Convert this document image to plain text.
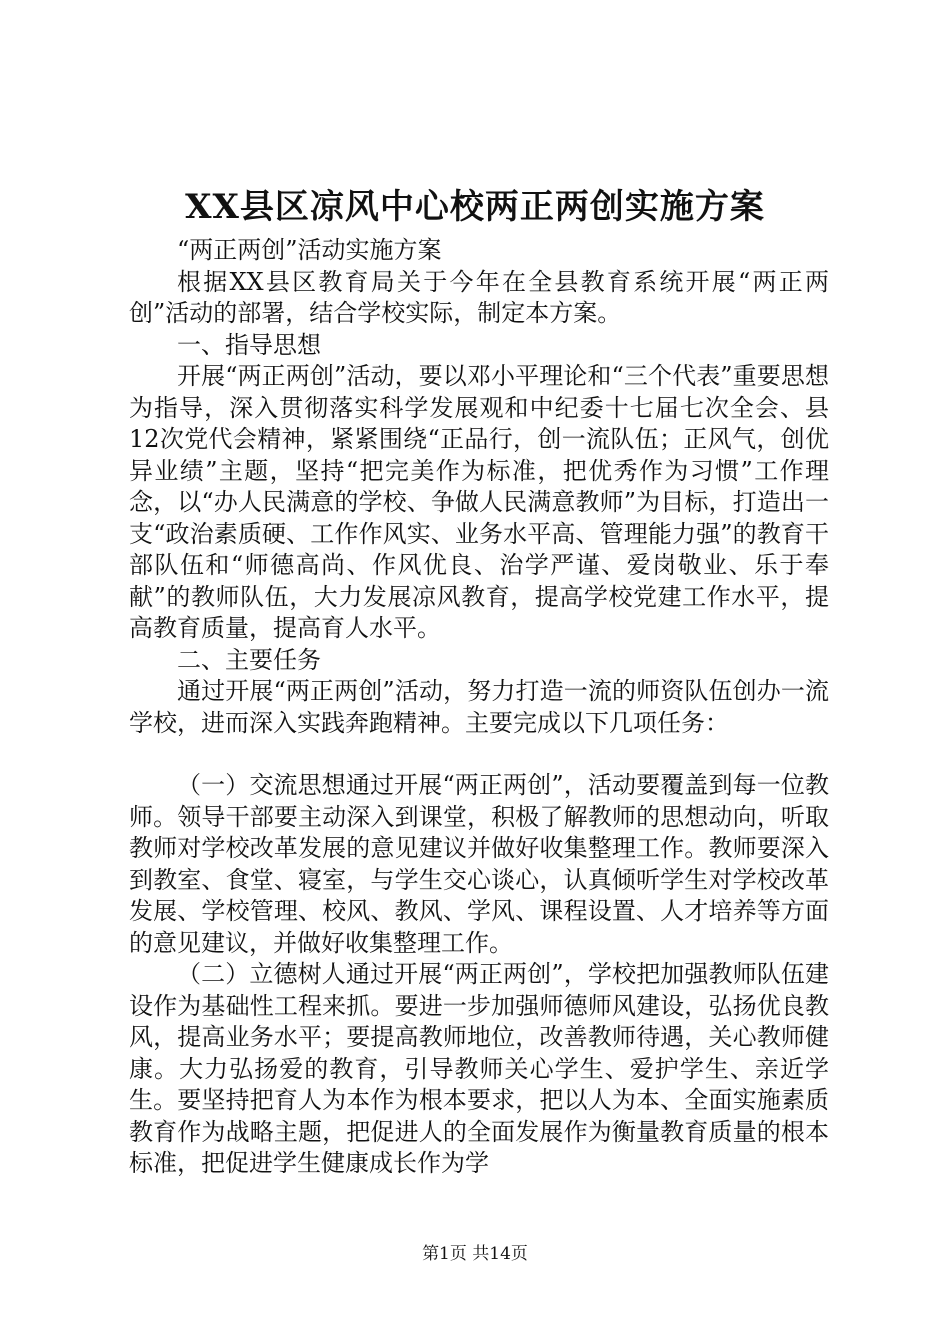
XX县区凉风中心校两正两创实施方案

“两正两创”活动实施方案

根据XX县区教育局关于今年在全县教育系统开展“两正两创”活动的部署，结合学校实际，制定本方案。

一、指导思想

开展“两正两创”活动，要以邓小平理论和“三个代表”重要思想为指导，深入贯彻落实科学发展观和中纪委十七届七次全会、县12次党代会精神，紧紧围绕“正品行，创一流队伍；正风气，创优异业绩”主题，坚持“把完美作为标准，把优秀作为习惯”工作理念，以“办人民满意的学校、争做人民满意教师”为目标，打造出一支“政治素质硬、工作作风实、业务水平高、管理能力强”的教育干部队伍和“师德高尚、作风优良、治学严谨、爱岗敬业、乐于奉献”的教师队伍，大力发展凉风教育，提高学校党建工作水平，提高教育质量，提高育人水平。

二、主要任务

通过开展“两正两创”活动，努力打造一流的师资队伍创办一流学校，进而深入实践奔跑精神。主要完成以下几项任务：

（一）交流思想通过开展“两正两创”，活动要覆盖到每一位教师。领导干部要主动深入到课堂，积极了解教师的思想动向，听取教师对学校改革发展的意见建议并做好收集整理工作。教师要深入到教室、食堂、寝室，与学生交心谈心，认真倾听学生对学校改革发展、学校管理、校风、教风、学风、课程设置、人才培养等方面的意见建议，并做好收集整理工作。

（二）立德树人通过开展“两正两创”，学校把加强教师队伍建设作为基础性工程来抓。要进一步加强师德师风建设，弘扬优良教风，提高业务水平；要提高教师地位，改善教师待遇，关心教师健康。大力弘扬爱的教育，引导教师关心学生、爱护学生、亲近学生。要坚持把育人为本作为根本要求，把以人为本、全面实施素质教育作为战略主题，把促进人的全面发展作为衡量教育质量的根本标准，把促进学生健康成长作为学

第1页 共14页
